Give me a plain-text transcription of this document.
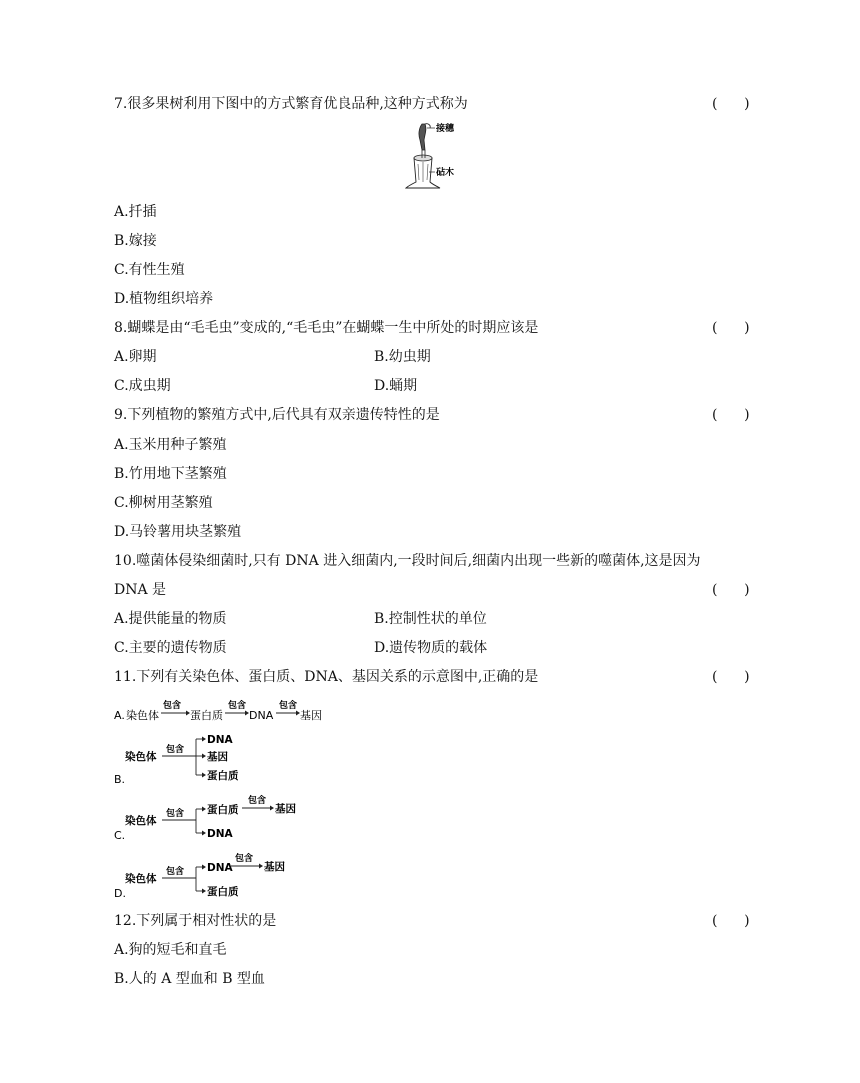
7.很多果树利用下图中的方式繁育优良品种,这种方式称为	(      )
接穗
砧木
A.扦插
B.嫁接
C.有性生殖
D.植物组织培养
8.蝴蝶是由“毛毛虫”变成的,“毛毛虫”在蝴蝶一生中所处的时期应该是	(      )
A.卵期	B.幼虫期
C.成虫期	D.蛹期
9.下列植物的繁殖方式中,后代具有双亲遗传特性的是	(      )
A.玉米用种子繁殖
B.竹用地下茎繁殖
C.柳树用茎繁殖
D.马铃薯用块茎繁殖
10.噬菌体侵染细菌时,只有 DNA 进入细菌内,一段时间后,细菌内出现一些新的噬菌体,这是因为
DNA 是	(      )
A.提供能量的物质	B.控制性状的单位
C.主要的遗传物质	D.遗传物质的载体
11.下列有关染色体、蛋白质、DNA、基因关系的示意图中,正确的是	(      )
A. 染色体
包含
蛋白质
包含
DNA
包含
基因
染色体
包含
DNA
基因
蛋白质
B.
染色体
包含 蛋白质
包含
基因
DNA
C.
染色体
包含 DNA
包含
基因
蛋白质
D.
12.下列属于相对性状的是	(      )
A.狗的短毛和直毛
B.人的 A 型血和 B 型血
